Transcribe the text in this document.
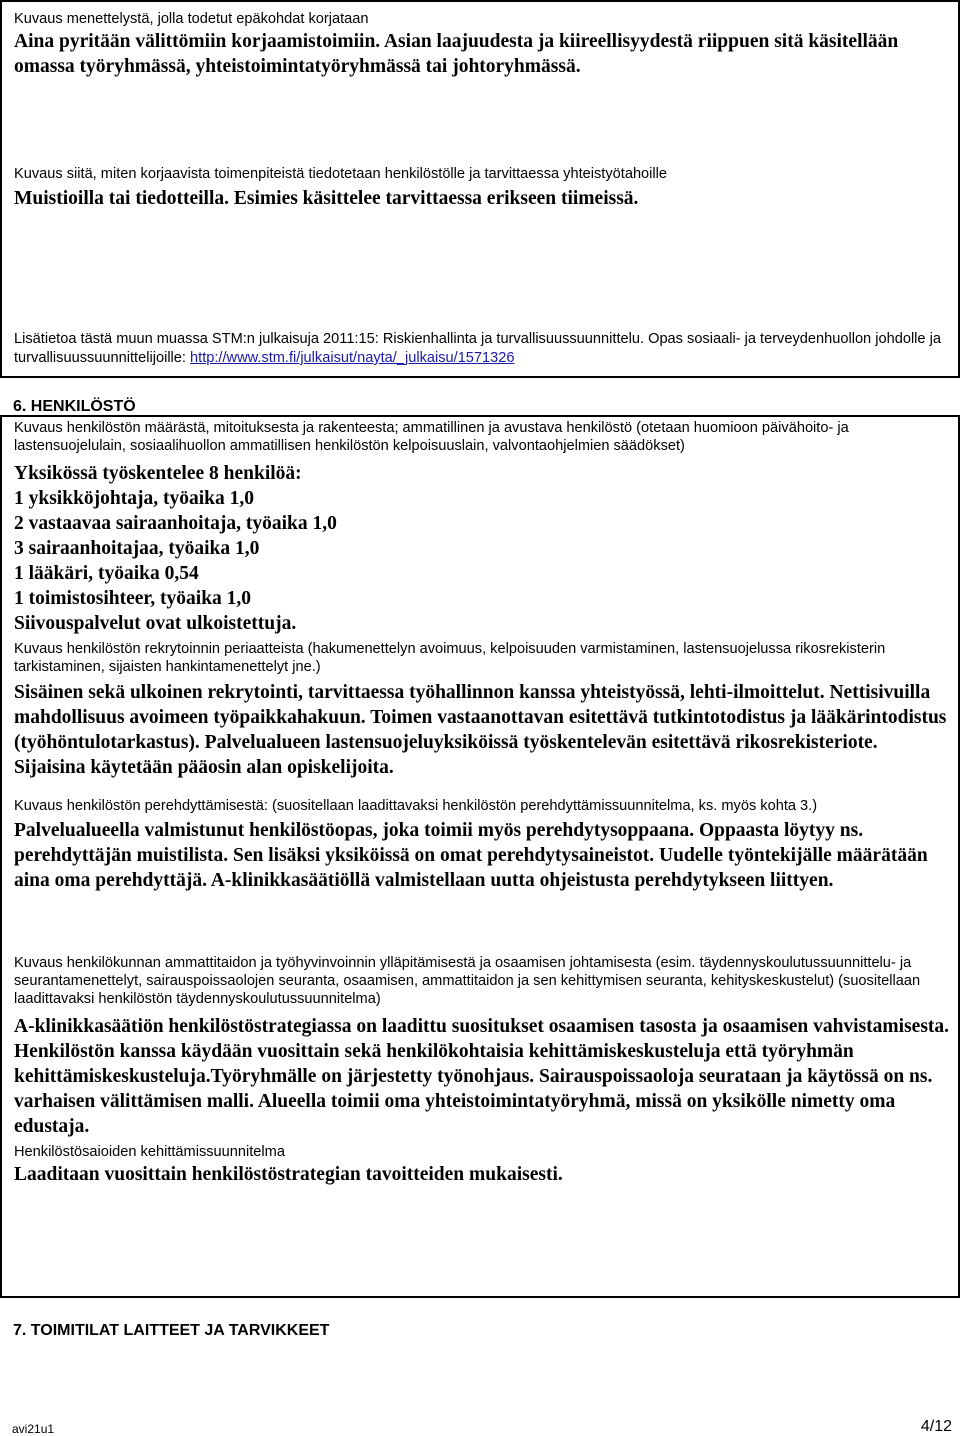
Kuvaus menettelystä, jolla todetut epäkohdat korjataan

Aina pyritään välittömiin korjaamistoimiin. Asian laajuudesta ja kiireellisyydestä riippuen sitä käsitellään omassa työryhmässä, yhteistoimintatyöryhmässä tai johtoryhmässä.

Kuvaus siitä, miten korjaavista toimenpiteistä tiedotetaan henkilöstölle ja tarvittaessa yhteistyötahoille

Muistioilla tai tiedotteilla. Esimies käsittelee tarvittaessa erikseen tiimeissä.

Lisätietoa tästä muun muassa STM:n julkaisuja 2011:15: Riskienhallinta ja turvallisuussuunnittelu. Opas sosiaali- ja terveydenhuollon johdolle ja turvallisuussuunnittelijoille: http://www.stm.fi/julkaisut/nayta/_julkaisu/1571326

6. HENKILÖSTÖ

Kuvaus henkilöstön määrästä, mitoituksesta ja rakenteesta; ammatillinen ja avustava henkilöstö (otetaan huomioon päivähoito- ja lastensuojelulain, sosiaalihuollon ammatillisen henkilöstön kelpoisuuslain, valvontaohjelmien säädökset)

Yksikössä työskentelee 8 henkilöä:
1 yksikköjohtaja, työaika 1,0
2 vastaavaa sairaanhoitaja, työaika 1,0
3 sairaanhoitajaa, työaika 1,0
1 lääkäri, työaika 0,54
1 toimistosihteer, työaika 1,0
Siivouspalvelut ovat ulkoistettuja.

Kuvaus henkilöstön rekrytoinnin periaatteista (hakumenettelyn avoimuus, kelpoisuuden varmistaminen, lastensuojelussa rikosrekisterin tarkistaminen, sijaisten hankintamenettelyt jne.)

Sisäinen sekä ulkoinen rekrytointi, tarvittaessa työhallinnon kanssa yhteistyössä, lehti-ilmoittelut. Nettisivuilla mahdollisuus avoimeen työpaikkahakuun. Toimen vastaanottavan esitettävä tutkintotodistus ja lääkärintodistus (työhöntulotarkastus). Palvelualueen lastensuojeluyksiköissä työskentelevän esitettävä rikosrekisteriote. Sijaisina käytetään pääosin alan opiskelijoita.

Kuvaus henkilöstön perehdyttämisestä: (suositellaan laadittavaksi henkilöstön perehdyttämissuunnitelma, ks. myös kohta 3.)

Palvelualueella valmistunut henkilöstöopas, joka toimii myös perehdytysoppaana. Oppaasta löytyy ns. perehdyttäjän muistilista. Sen lisäksi yksiköissä on omat perehdytysaineistot. Uudelle työntekijälle määrätään aina oma perehdyttäjä. A-klinikkasäätiöllä valmistellaan uutta ohjeistusta perehdytykseen liittyen.

Kuvaus henkilökunnan ammattitaidon ja työhyvinvoinnin ylläpitämisestä ja osaamisen johtamisesta (esim. täydennyskoulutussuunnittelu- ja seurantamenettelyt, sairauspoissaolojen seuranta, osaamisen, ammattitaidon ja sen kehittymisen seuranta, kehityskeskustelut) (suositellaan laadittavaksi henkilöstön täydennyskoulutussuunnitelma)

A-klinikkasäätiön henkilöstöstrategiassa on laadittu suositukset osaamisen tasosta ja osaamisen vahvistamisesta. Henkilöstön kanssa käydään vuosittain sekä henkilökohtaisia kehittämiskeskusteluja että työryhmän kehittämiskeskusteluja.Työryhmälle on järjestetty työnohjaus. Sairauspoissaoloja seurataan ja käytössä on ns. varhaisen välittämisen malli. Alueella toimii oma yhteistoimintatyöryhmä, missä on yksikölle nimetty oma edustaja.

Henkilöstösaioiden kehittämissuunnitelma

Laaditaan vuosittain henkilöstöstrategian tavoitteiden mukaisesti.

7. TOIMITILAT LAITTEET JA TARVIKKEET
avi21u1	4/12
